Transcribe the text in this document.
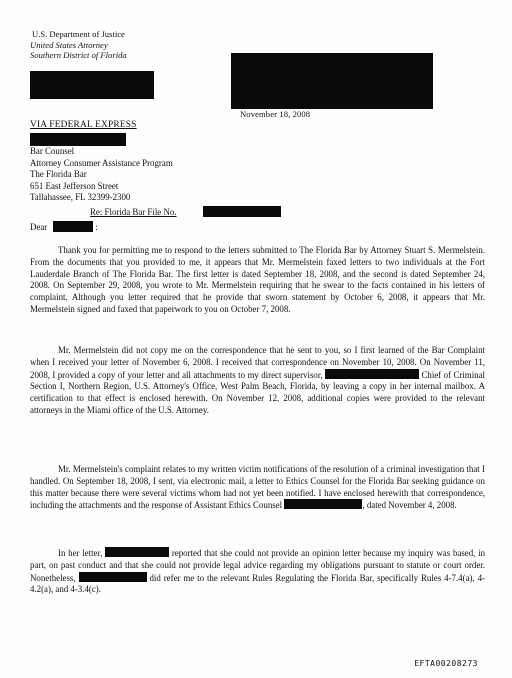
U.S. Department of Justice
United States Attorney
Southern District of Florida
November 18, 2008
VIA FEDERAL EXPRESS
Bar Counsel
Attorney Consumer Assistance Program
The Florida Bar
651 East Jefferson Street
Tallahassee, FL 32399-2300
Re: Florida Bar File No.
Dear	:

Thank you for permitting me to respond to the letters submitted to The Florida Bar by Attorney Stuart S. Mermelstein. From the documents that you provided to me, it appears that Mr. Mermelstein faxed letters to two individuals at the Fort Lauderdale Branch of The Florida Bar. The first letter is dated September 18, 2008, and the second is dated September 24, 2008. On September 29, 2008, you wrote to Mr. Mermelstein requiring that he swear to the facts contained in his letters of complaint. Although you letter required that he provide that sworn statement by October 6, 2008, it appears that Mr. Mermelstein signed and faxed that paperwork to you on October 7, 2008.

Mr. Mermelstein did not copy me on the correspondence that he sent to you, so I first learned of the Bar Complaint when I received your letter of November 6, 2008. I received that correspondence on November 10, 2008. On November 11, 2008, I provided a copy of your letter and all attachments to my direct supervisor,	Chief of Criminal Section I, Northern Region, U.S. Attorney's Office, West Palm Beach, Florida, by leaving a copy in her internal mailbox. A certification to that effect is enclosed herewith. On November 12, 2008, additional copies were provided to the relevant attorneys in the Miami office of the U.S. Attorney.

Mr. Mermelstein's complaint relates to my written victim notifications of the resolution of a criminal investigation that I handled. On September 18, 2008, I sent, via electronic mail, a letter to Ethics Counsel for the Florida Bar seeking guidance on this matter because there were several victims whom had not yet been notified. I have enclosed herewith that correspondence, including the attachments and the response of Assistant Ethics Counsel	, dated November 4, 2008.

In her letter,	reported that she could not provide an opinion letter because my inquiry was based, in part, on past conduct and that she could not provide legal advice regarding my obligations pursuant to statute or court order. Nonetheless,	did refer me to the relevant Rules Regulating the Florida Bar, specifically Rules 4-7.4(a), 4-4.2(a), and 4-3.4(c).

EFTA00208273
